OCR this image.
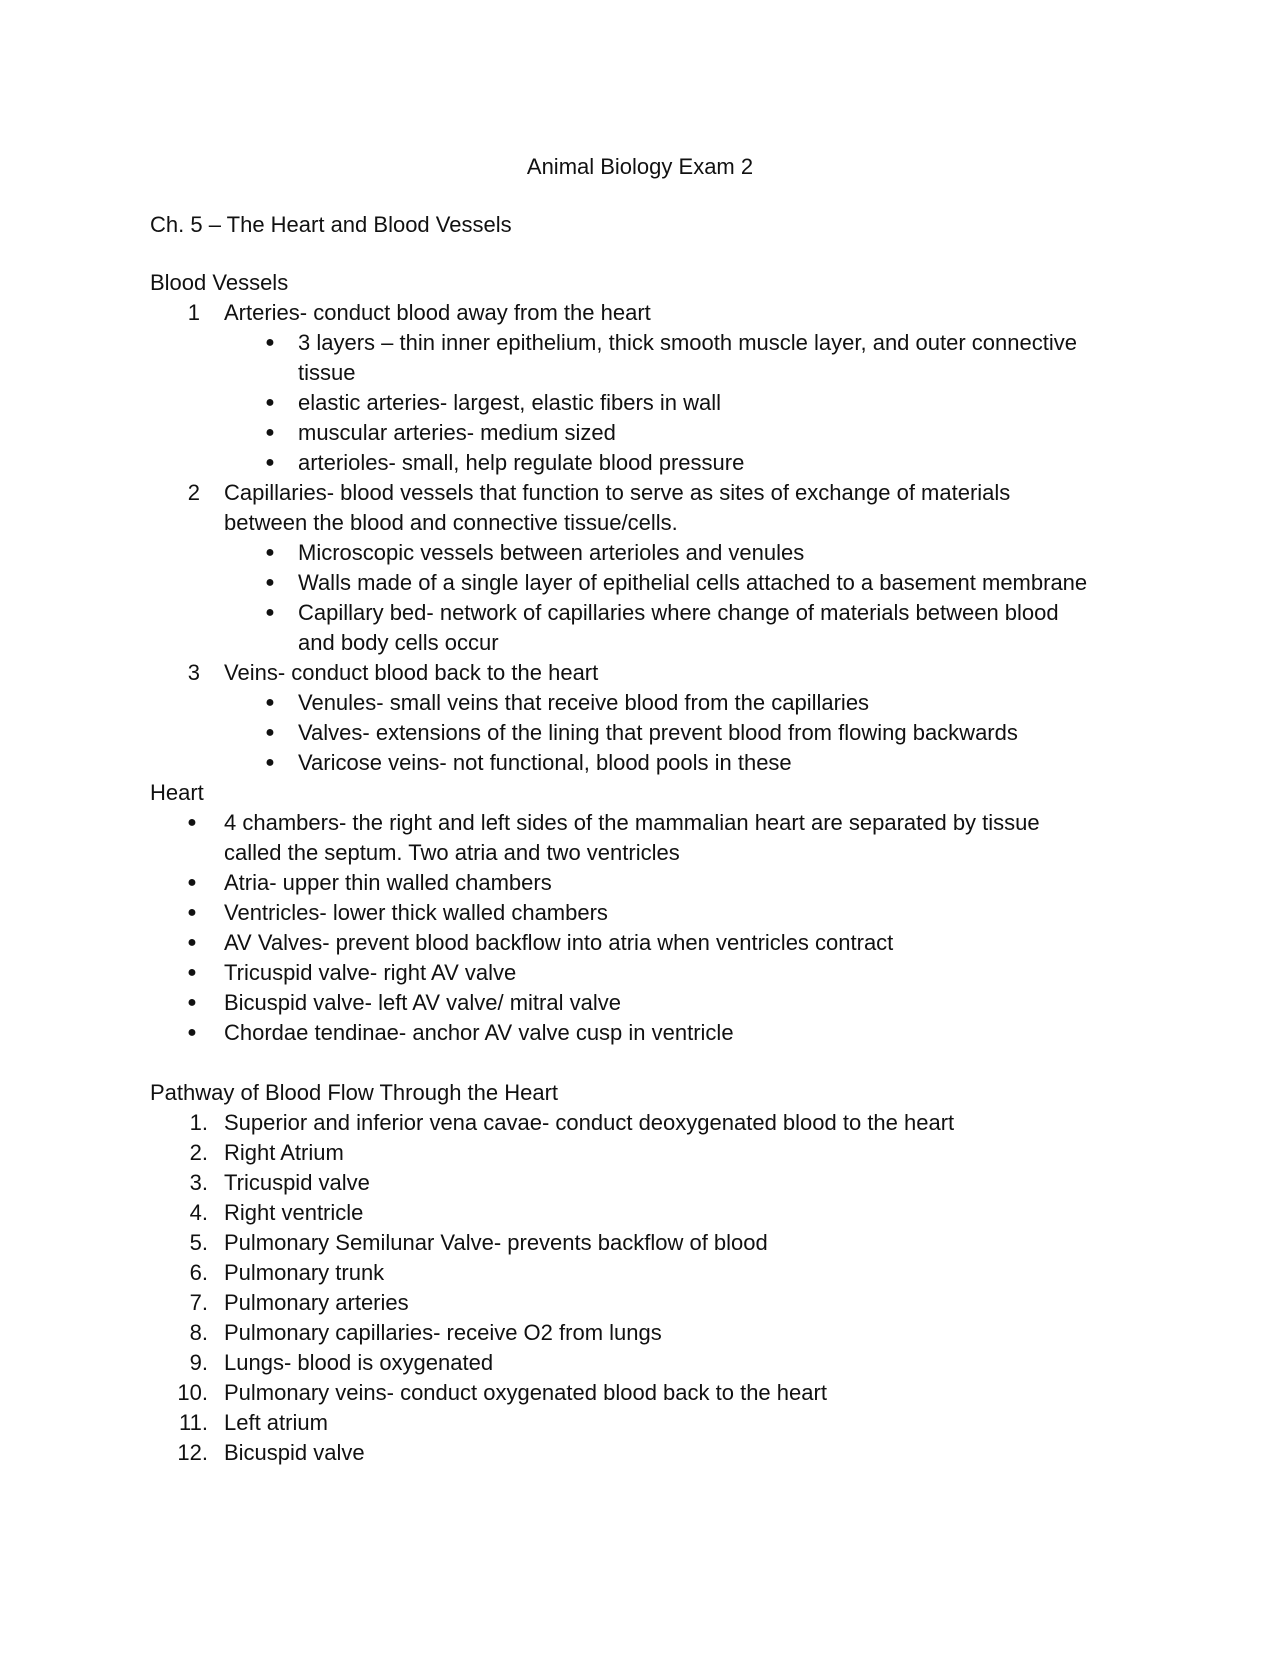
Animal Biology Exam 2
Ch. 5 – The Heart and Blood Vessels
Blood Vessels
1 Arteries- conduct blood away from the heart
● 3 layers – thin inner epithelium, thick smooth muscle layer, and outer connective
tissue
● elastic arteries- largest, elastic fibers in wall
● muscular arteries- medium sized
● arterioles- small, help regulate blood pressure
2 Capillaries- blood vessels that function to serve as sites of exchange of materials
between the blood and connective tissue/cells.
● Microscopic vessels between arterioles and venules
● Walls made of a single layer of epithelial cells attached to a basement membrane
● Capillary bed- network of capillaries where change of materials between blood
and body cells occur
3 Veins- conduct blood back to the heart
● Venules- small veins that receive blood from the capillaries
● Valves- extensions of the lining that prevent blood from flowing backwards
● Varicose veins- not functional, blood pools in these
Heart
● 4 chambers- the right and left sides of the mammalian heart are separated by tissue
called the septum. Two atria and two ventricles
● Atria- upper thin walled chambers
● Ventricles- lower thick walled chambers
● AV Valves- prevent blood backflow into atria when ventricles contract
● Tricuspid valve- right AV valve
● Bicuspid valve- left AV valve/ mitral valve
● Chordae tendinae- anchor AV valve cusp in ventricle
Pathway of Blood Flow Through the Heart
1. Superior and inferior vena cavae- conduct deoxygenated blood to the heart
2. Right Atrium
3. Tricuspid valve
4. Right ventricle
5. Pulmonary Semilunar Valve- prevents backflow of blood
6. Pulmonary trunk
7. Pulmonary arteries
8. Pulmonary capillaries- receive O2 from lungs
9. Lungs- blood is oxygenated
10. Pulmonary veins- conduct oxygenated blood back to the heart
11. Left atrium
12. Bicuspid valve
